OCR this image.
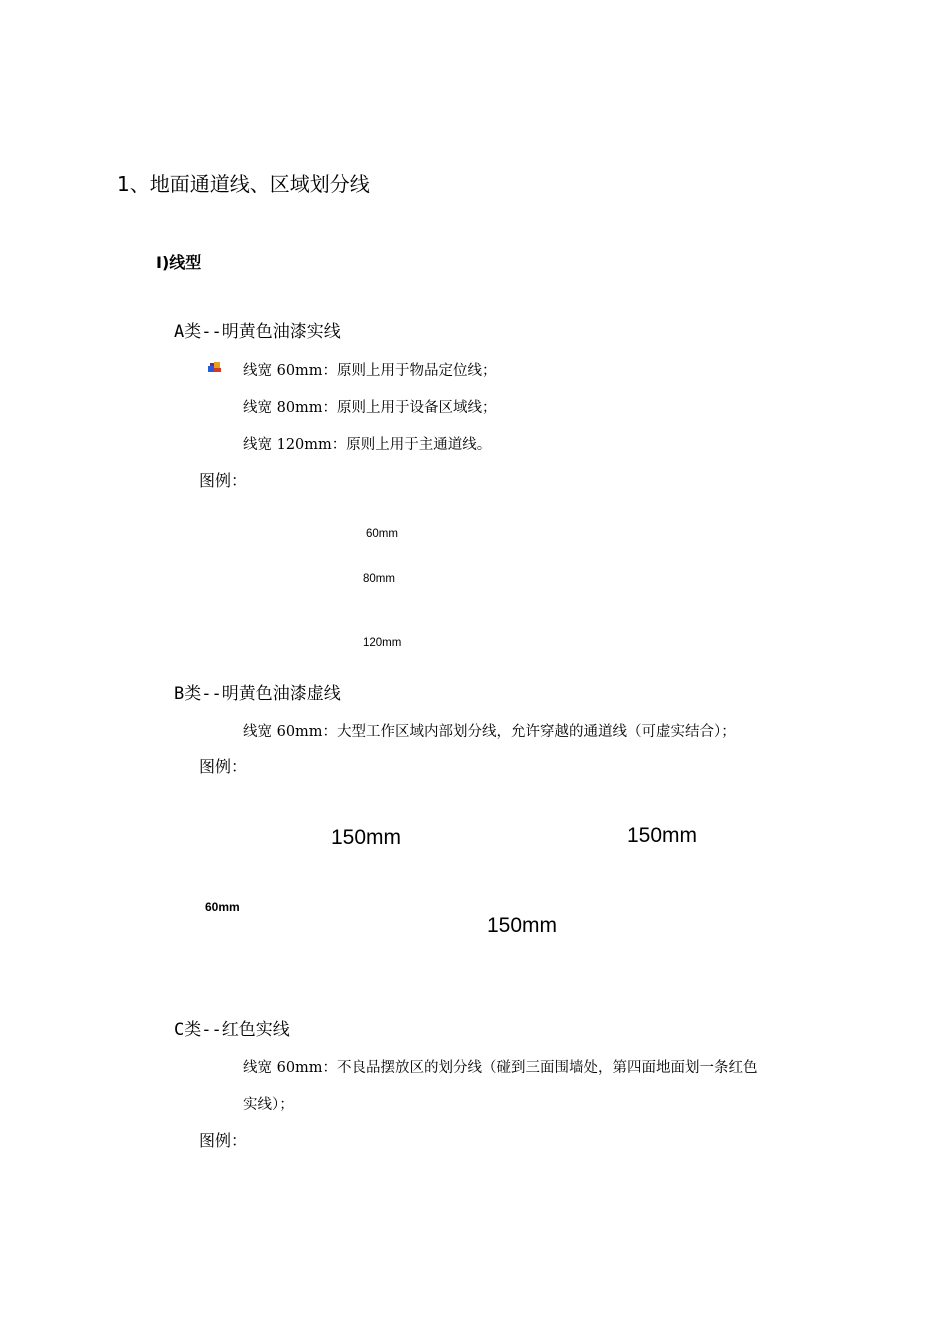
1、地面通道线、区域划分线
I)线型
A类--明黄色油漆实线
线宽 60mm：原则上用于物品定位线；
线宽 80mm：原则上用于设备区域线；
线宽 120mm：原则上用于主通道线。
图例：
60mm
80mm
120mm
B类--明黄色油漆虚线
线宽 60mm：大型工作区域内部划分线，允许穿越的通道线（可虚实结合）；
图例：
150mm	150mm
60mm
150mm
C类--红色实线
线宽 60mm：不良品摆放区的划分线（碰到三面围墙处，第四面地面划一条红色
实线）；
图例：
